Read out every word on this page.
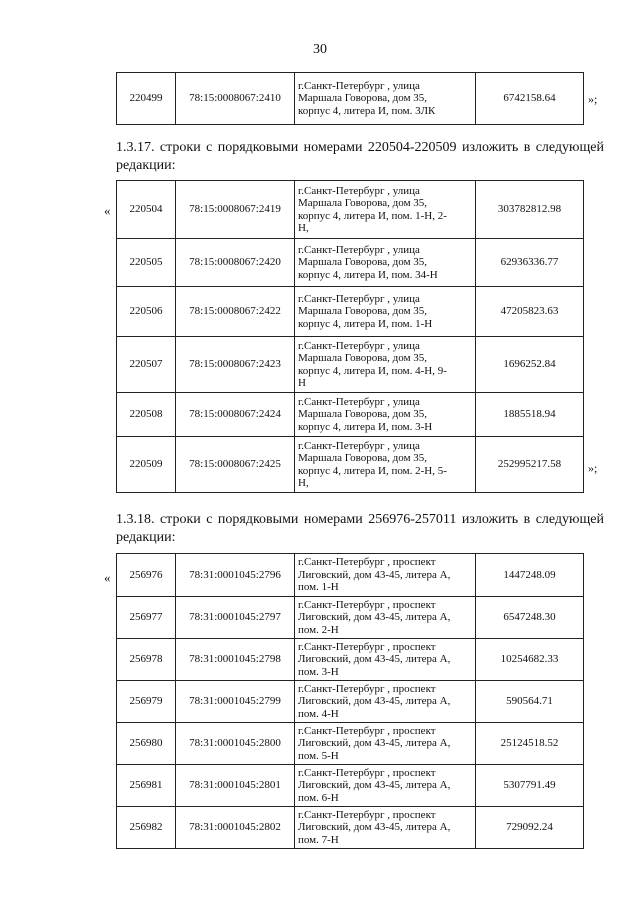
30
220499	78:15:0008067:2410	
г.Санкт-Петербург , улица
Маршала Говорова, дом 35,
корпус 4, литера И, пом. 3ЛК
	6742158.64	»;
1.3.17. строки с порядковыми номерами 220504-220509 изложить в следующей редакции:
« 220504	78:15:0008067:2419	г.Санкт-Петербург , улица
Маршала Говорова, дом 35,
корпус 4, литера И, пом. 1-Н, 2-
Н,	303782812.98
220505	78:15:0008067:2420	г.Санкт-Петербург , улица
Маршала Говорова, дом 35,
корпус 4, литера И, пом. 34-Н	62936336.77
220506	78:15:0008067:2422	г.Санкт-Петербург , улица
Маршала Говорова, дом 35,
корпус 4, литера И, пом. 1-Н	47205823.63
220507	78:15:0008067:2423	г.Санкт-Петербург , улица
Маршала Говорова, дом 35,
корпус 4, литера И, пом. 4-Н, 9-
Н	1696252.84
220508	78:15:0008067:2424	г.Санкт-Петербург , улица
Маршала Говорова, дом 35,
корпус 4, литера И, пом. 3-Н	1885518.94
220509	78:15:0008067:2425	г.Санкт-Петербург , улица
Маршала Говорова, дом 35,
корпус 4, литера И, пом. 2-Н, 5-
Н,	252995217.58 »;
1.3.18. строки с порядковыми номерами 256976-257011 изложить в следующей редакции:
« 256976	78:31:0001045:2796	г.Санкт-Петербург , проспект
Лиговский, дом 43-45, литера А,
пом. 1-Н	1447248.09
256977	78:31:0001045:2797	г.Санкт-Петербург , проспект
Лиговский, дом 43-45, литера А,
пом. 2-Н	6547248.30
256978	78:31:0001045:2798	г.Санкт-Петербург , проспект
Лиговский, дом 43-45, литера А,
пом. 3-Н	10254682.33
256979	78:31:0001045:2799	г.Санкт-Петербург , проспект
Лиговский, дом 43-45, литера А,
пом. 4-Н	590564.71
256980	78:31:0001045:2800	г.Санкт-Петербург , проспект
Лиговский, дом 43-45, литера А,
пом. 5-Н	25124518.52
256981	78:31:0001045:2801	г.Санкт-Петербург , проспект
Лиговский, дом 43-45, литера А,
пом. 6-Н	5307791.49
256982	78:31:0001045:2802	г.Санкт-Петербург , проспект
Лиговский, дом 43-45, литера А,
пом. 7-Н	729092.24
